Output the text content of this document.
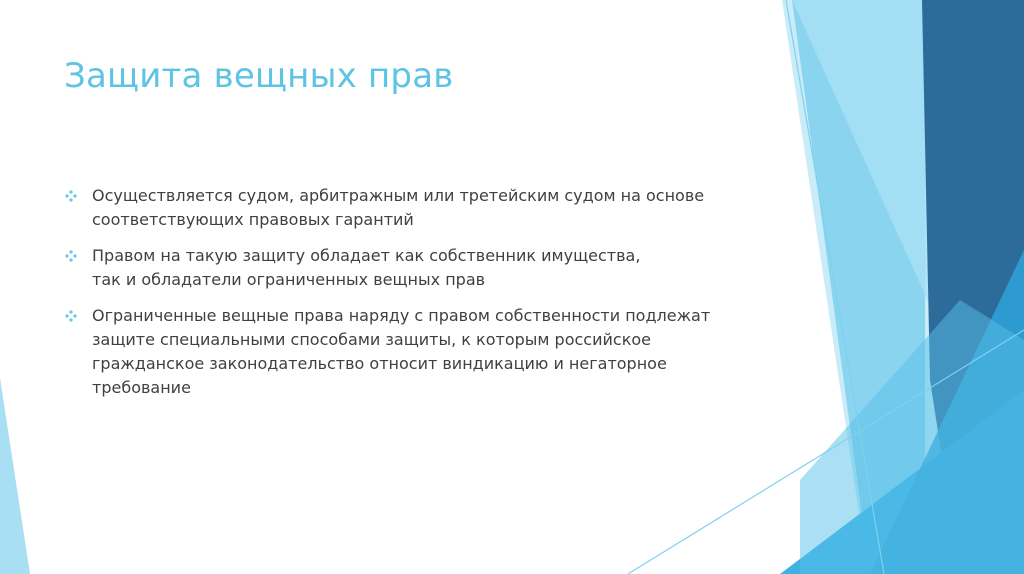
Защита вещных прав
Осуществляется судом, арбитражным или третейским судом на основе
соответствующих правовых гарантий
Правом на такую защиту обладает как собственник имущества,
так и обладатели ограниченных вещных прав
Ограниченные вещные права наряду с правом собственности подлежат
защите специальными способами защиты, к которым российское
гражданское законодательство относит виндикацию и негаторное
требование
